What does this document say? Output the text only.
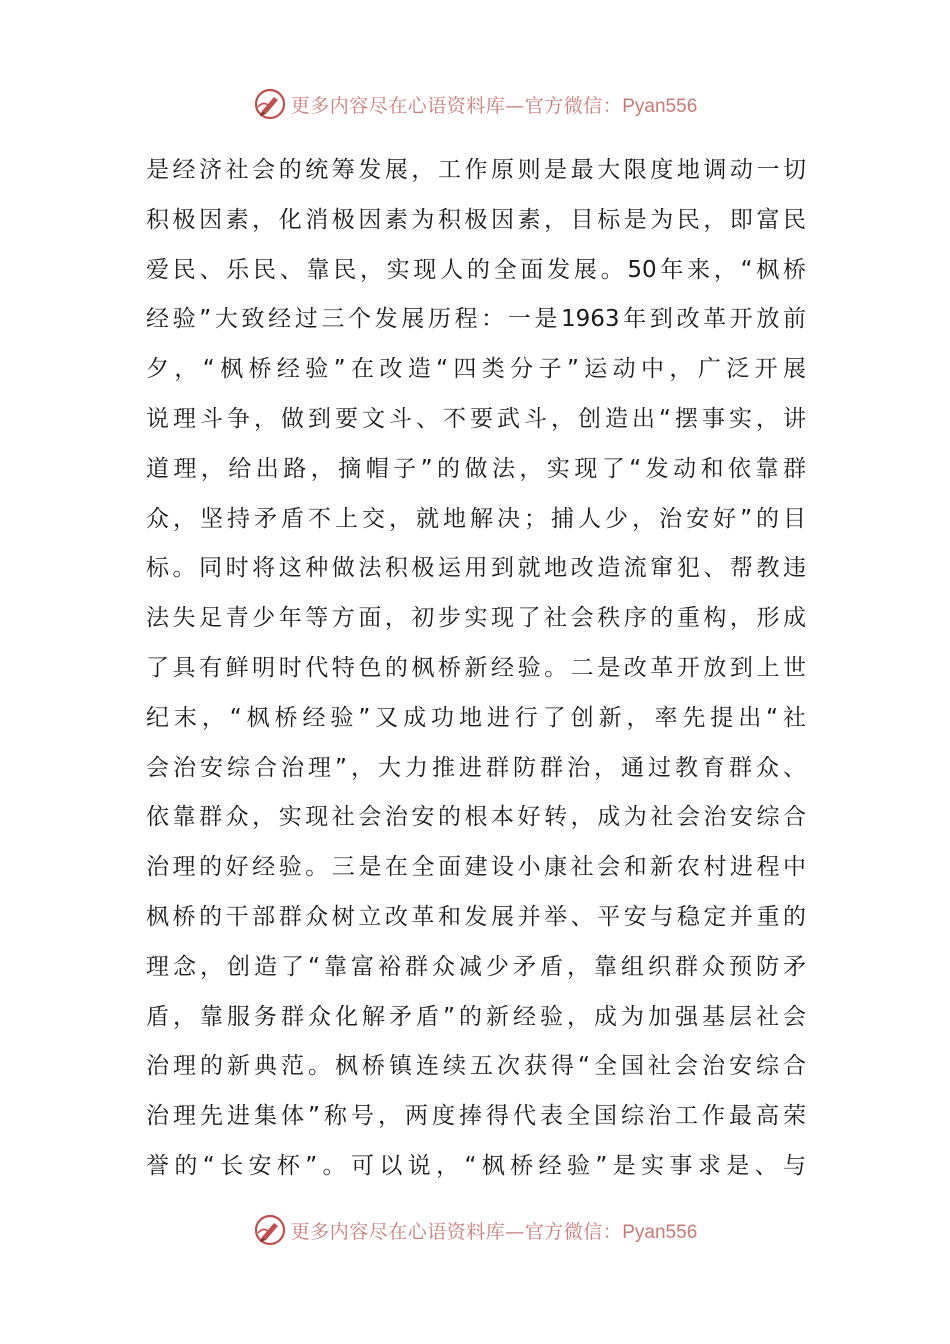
更多内容尽在心语资料库—官方微信：Pyan556
是经济社会的统筹发展，工作原则是最大限度地调动一切
积极因素，化消极因素为积极因素，目标是为民，即富民
爱民、乐民、靠民，实现人的全面发展。50年来，“枫桥
经验”大致经过三个发展历程：一是1963年到改革开放前
夕，“枫桥经验”在改造“四类分子”运动中，广泛开展
说理斗争，做到要文斗、不要武斗，创造出“摆事实，讲
道理，给出路，摘帽子”的做法，实现了“发动和依靠群
众，坚持矛盾不上交，就地解决；捕人少，治安好”的目
标。同时将这种做法积极运用到就地改造流窜犯、帮教违
法失足青少年等方面，初步实现了社会秩序的重构，形成
了具有鲜明时代特色的枫桥新经验。二是改革开放到上世
纪末，“枫桥经验”又成功地进行了创新，率先提出“社
会治安综合治理”，大力推进群防群治，通过教育群众、
依靠群众，实现社会治安的根本好转，成为社会治安综合
治理的好经验。三是在全面建设小康社会和新农村进程中
枫桥的干部群众树立改革和发展并举、平安与稳定并重的
理念，创造了“靠富裕群众减少矛盾，靠组织群众预防矛
盾，靠服务群众化解矛盾”的新经验，成为加强基层社会
治理的新典范。枫桥镇连续五次获得“全国社会治安综合
治理先进集体”称号，两度捧得代表全国综治工作最高荣
誉的“长安杯”。可以说，“枫桥经验”是实事求是、与
更多内容尽在心语资料库—官方微信：Pyan556
